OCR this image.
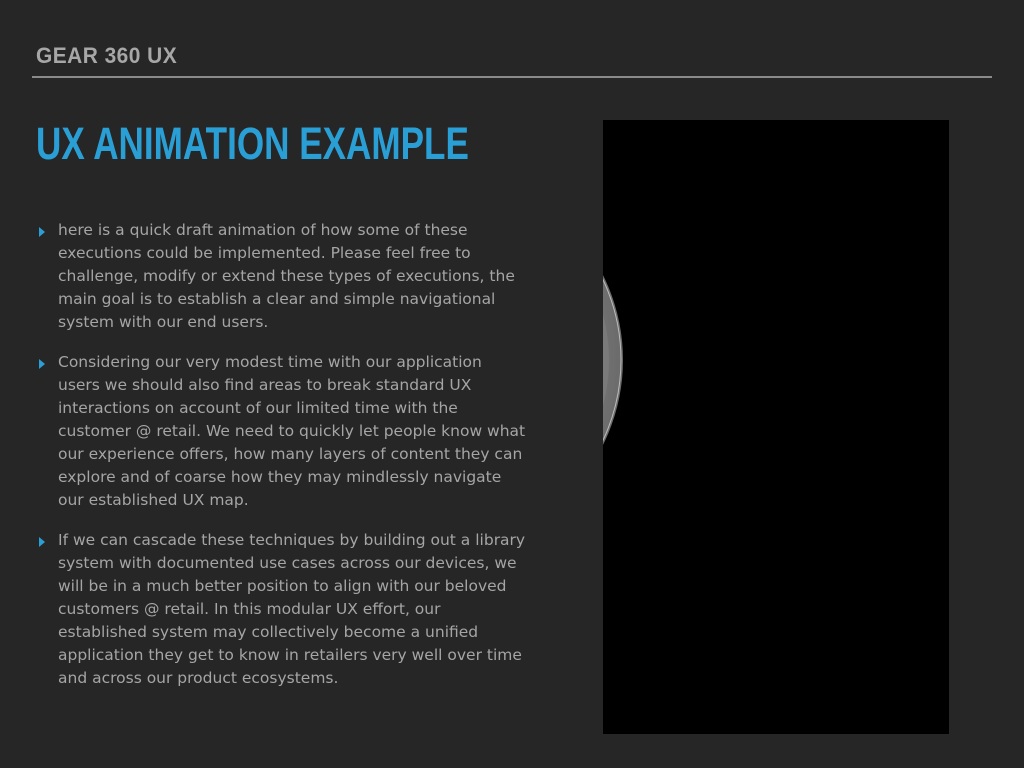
GEAR 360 UX
UX ANIMATION EXAMPLE
here is a quick draft animation of how some of these executions could be implemented. Please feel free to challenge, modify or extend these types of executions, the main goal is to establish a clear and simple navigational system with our end users.
Considering our very modest time with our application users we should also find areas to break standard UX interactions on account of our limited time with the customer @ retail. We need to quickly let people know what our experience offers, how many layers of content they can explore and of coarse how they may mindlessly navigate our established UX map.
If we can cascade these techniques by building out a library system with documented use cases across our devices, we will be in a much better position to align with our beloved customers @ retail. In this modular UX effort, our established system may collectively become a unified application they get to know in retailers very well over time and across our product ecosystems.
